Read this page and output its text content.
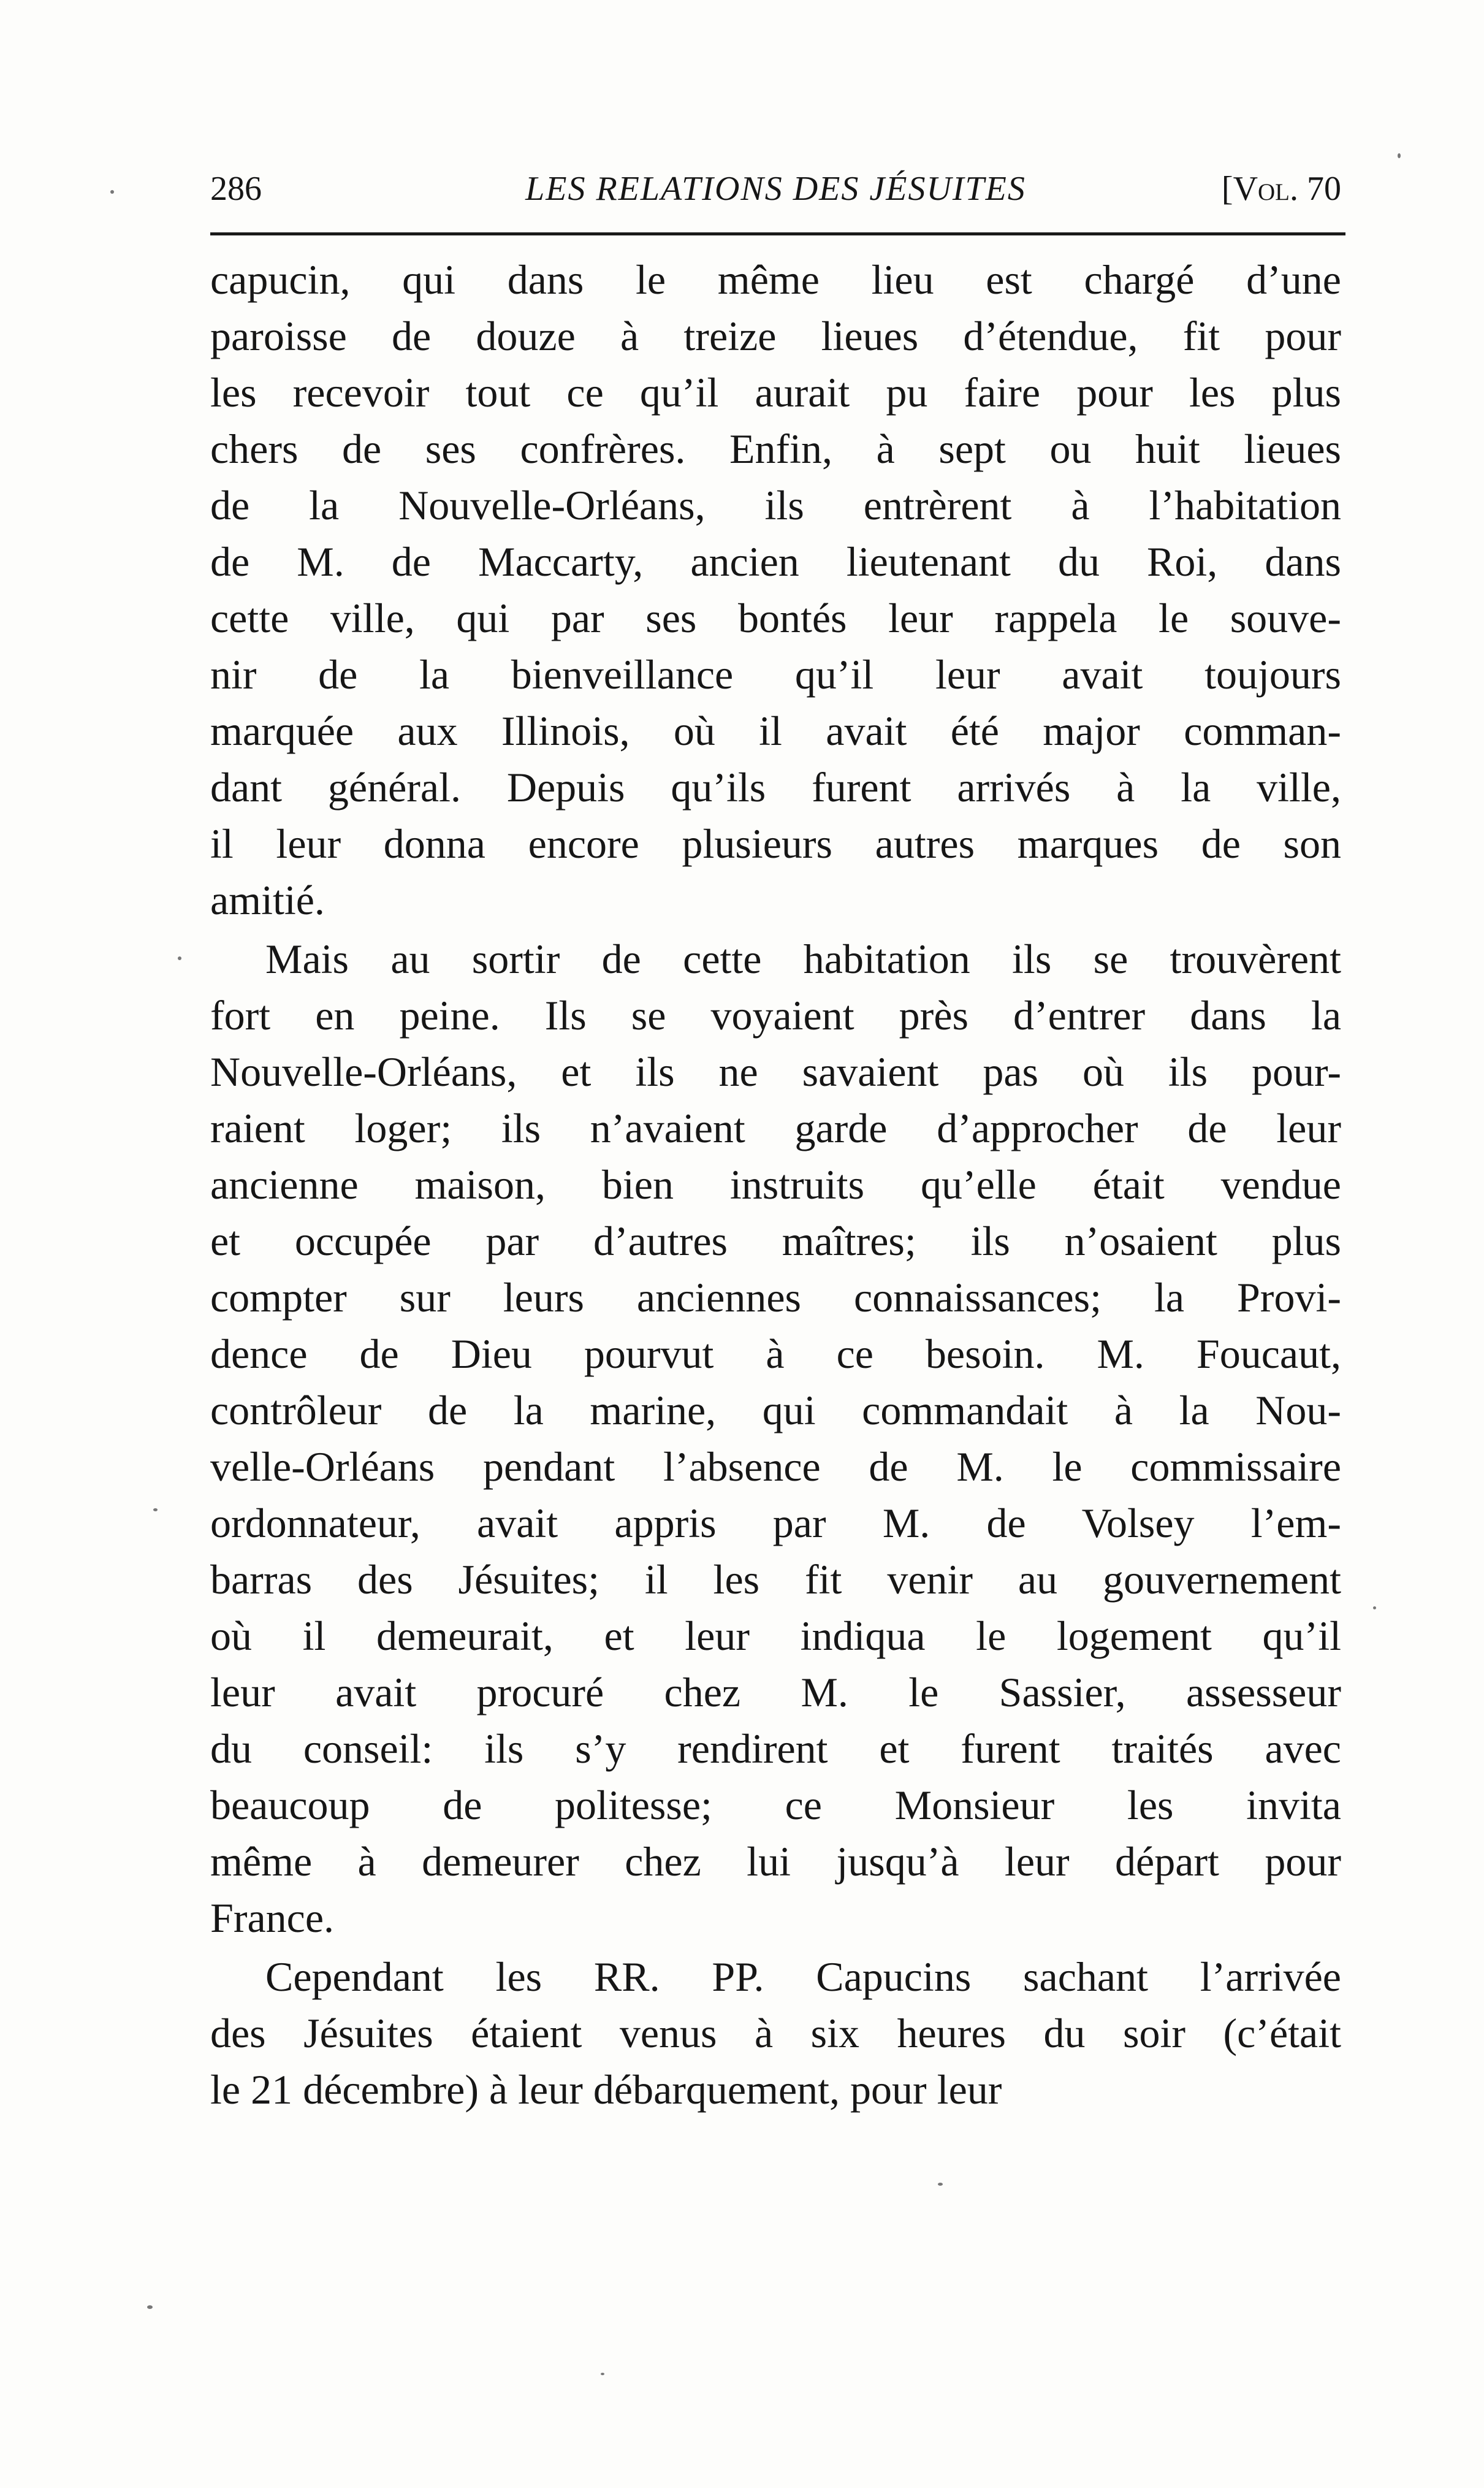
286	LES RELATIONS DES JÉSUITES	[Vol. 70
capucin, qui dans le même lieu est chargé d’une
paroisse de douze à treize lieues d’étendue, fit pour
les recevoir tout ce qu’il aurait pu faire pour les plus
chers de ses confrères. Enfin, à sept ou huit lieues
de la Nouvelle-Orléans, ils entrèrent à l’habitation
de M. de Maccarty, ancien lieutenant du Roi, dans
cette ville, qui par ses bontés leur rappela le souve-
nir de la bienveillance qu’il leur avait toujours
marquée aux Illinois, où il avait été major comman-
dant général. Depuis qu’ils furent arrivés à la ville,
il leur donna encore plusieurs autres marques de son
amitié.
Mais au sortir de cette habitation ils se trouvèrent
fort en peine. Ils se voyaient près d’entrer dans la
Nouvelle-Orléans, et ils ne savaient pas où ils pour-
raient loger; ils n’avaient garde d’approcher de leur
ancienne maison, bien instruits qu’elle était vendue
et occupée par d’autres maîtres; ils n’osaient plus
compter sur leurs anciennes connaissances; la Provi-
dence de Dieu pourvut à ce besoin. M. Foucaut,
contrôleur de la marine, qui commandait à la Nou-
velle-Orléans pendant l’absence de M. le commissaire
ordonnateur, avait appris par M. de Volsey l’em-
barras des Jésuites; il les fit venir au gouvernement
où il demeurait, et leur indiqua le logement qu’il
leur avait procuré chez M. le Sassier, assesseur
du conseil: ils s’y rendirent et furent traités avec
beaucoup de politesse; ce Monsieur les invita
même à demeurer chez lui jusqu’à leur départ pour
France.
Cependant les RR. PP. Capucins sachant l’arrivée
des Jésuites étaient venus à six heures du soir (c’était
le 21 décembre) à leur débarquement, pour leur
